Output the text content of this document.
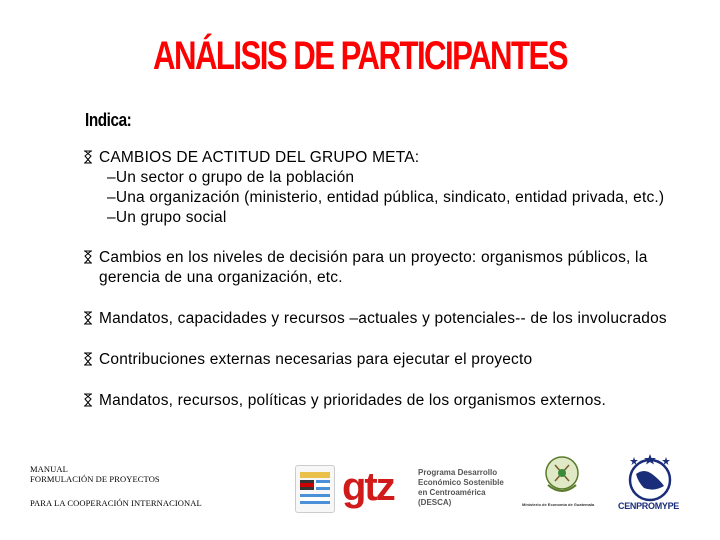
ANÁLISIS DE PARTICIPANTES
Indica:
CAMBIOS DE ACTITUD DEL GRUPO META:
–Un sector o grupo de la población
–Una organización (ministerio, entidad pública, sindicato, entidad privada, etc.)
–Un grupo social
Cambios en los niveles de decisión para un proyecto: organismos públicos, la gerencia de una organización, etc.
Mandatos, capacidades y recursos –actuales y potenciales-- de los involucrados
Contribuciones externas necesarias para ejecutar el proyecto
Mandatos, recursos, políticas y prioridades de los organismos externos.
MANUAL
FORMULACIÓN DE PROYECTOS
PARA LA COOPERACIÓN INTERNACIONAL	gtz	Programa Desarrollo
Económico Sostenible
en Centroamérica
(DESCA)	Ministerio de Economía de Guatemala	CENPROMYPE
